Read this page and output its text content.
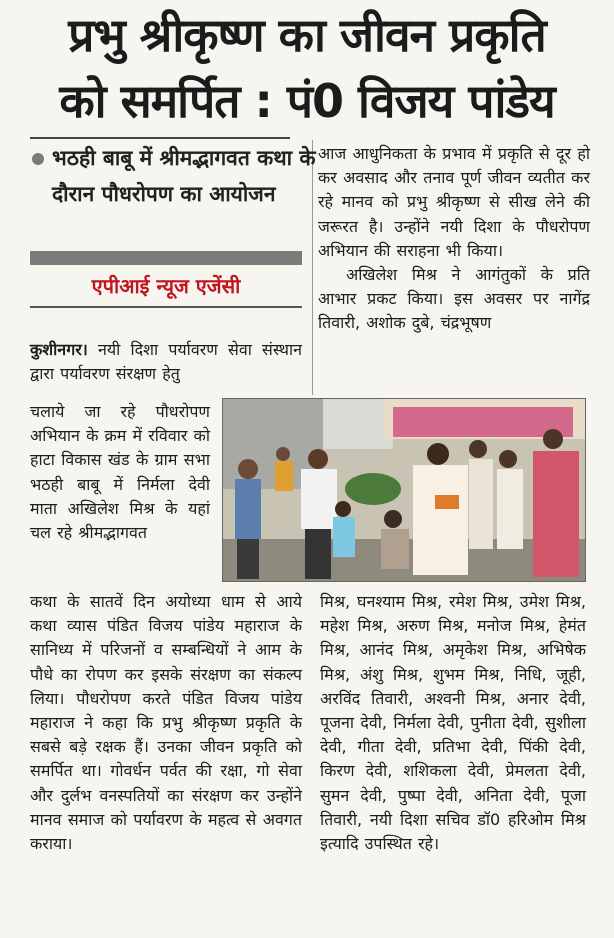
प्रभु श्रीकृष्ण का जीवन प्रकृति
को समर्पित : पं0 विजय पांडेय
भठही बाबू में श्रीमद्भागवत कथा के दौरान पौधरोपण का आयोजन
एपीआई न्यूज एजेंसी

कुशीनगर। नयी दिशा पर्यावरण सेवा संस्थान द्वारा पर्यावरण संरक्षण हेतु

चलाये जा रहे पौधरोपण अभियान के क्रम में रविवार को हाटा विकास खंड के ग्राम सभा भठही बाबू में निर्मला देवी माता अखिलेश मिश्र के यहां चल रहे श्रीमद्भागवत

आज आधुनिकता के प्रभाव में प्रकृति से दूर हो कर अवसाद और तनाव पूर्ण जीवन व्यतीत कर रहे मानव को प्रभु श्रीकृष्ण से सीख लेने की जरूरत है। उन्होंने नयी दिशा के पौधरोपण अभियान की सराहना भी किया।

अखिलेश मिश्र ने आगंतुकों के प्रति आभार प्रकट किया। इस अवसर पर नागेंद्र तिवारी, अशोक दुबे, चंद्रभूषण

कथा के सातवें दिन अयोध्या धाम से आये कथा व्यास पंडित विजय पांडेय महाराज के सानिध्य में परिजनों व सम्बन्धियों ने आम के पौधे का रोपण कर इसके संरक्षण का संकल्प लिया। पौधरोपण करते पंडित विजय पांडेय महाराज ने कहा कि प्रभु श्रीकृष्ण प्रकृति के सबसे बड़े रक्षक हैं। उनका जीवन प्रकृति को समर्पित था। गोवर्धन पर्वत की रक्षा, गो सेवा और दुर्लभ वनस्पतियों का संरक्षण कर उन्होंने मानव समाज को पर्यावरण के महत्व से अवगत कराया।

मिश्र, घनश्याम मिश्र, रमेश मिश्र, उमेश मिश्र, महेश मिश्र, अरुण मिश्र, मनोज मिश्र, हेमंत मिश्र, आनंद मिश्र, अमृकेश मिश्र, अभिषेक मिश्र, अंशु मिश्र, शुभम मिश्र, निधि, जूही, अरविंद तिवारी, अश्वनी मिश्र, अनार देवी, पूजना देवी, निर्मला देवी, पुनीता देवी, सुशीला देवी, गीता देवी, प्रतिभा देवी, पिंकी देवी, किरण देवी, शशिकला देवी, प्रेमलता देवी, सुमन देवी, पुष्पा देवी, अनिता देवी, पूजा तिवारी, नयी दिशा सचिव डॉ0 हरिओम मिश्र इत्यादि उपस्थित रहे।
